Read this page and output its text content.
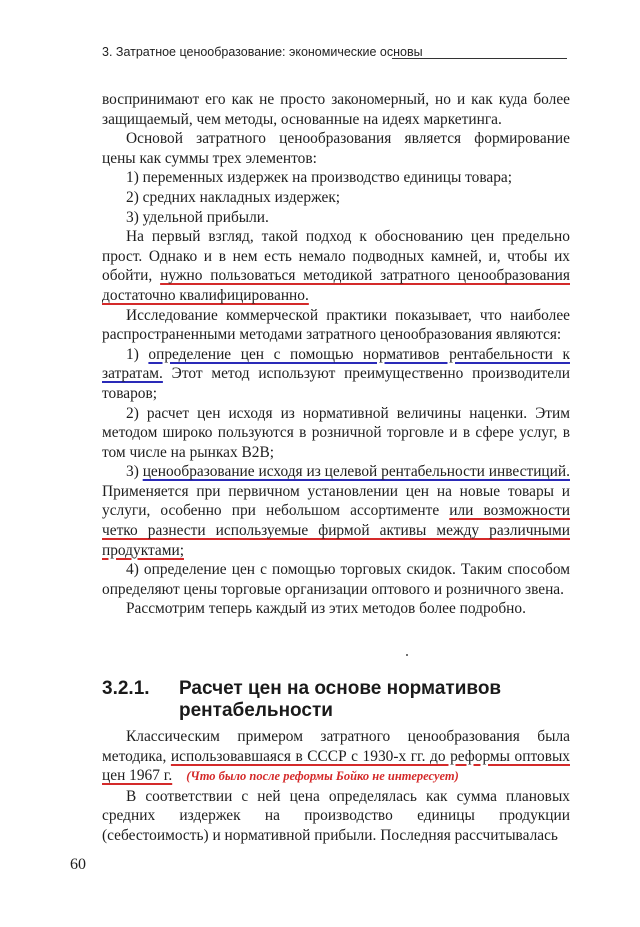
3. Затратное ценообразование: экономические основы

воспринимают его как не просто закономерный, но и как куда более защищаемый, чем методы, основанные на идеях маркетинга.

Основой затратного ценообразования является формирование цены как суммы трех элементов:

1) переменных издержек на производство единицы товара;

2) средних накладных издержек;

3) удельной прибыли.

На первый взгляд, такой подход к обоснованию цен предельно прост. Однако и в нем есть немало подводных камней, и, чтобы их обойти, нужно пользоваться методикой затратного ценообразования достаточно квалифицированно.

Исследование коммерческой практики показывает, что наиболее распространенными методами затратного ценообразования являются:

1) определение цен с помощью нормативов рентабельности к затратам. Этот метод используют преимущественно производители товаров;

2) расчет цен исходя из нормативной величины наценки. Этим методом широко пользуются в розничной торговле и в сфере услуг, в том числе на рынках B2B;

3) ценообразование исходя из целевой рентабельности инвестиций. Применяется при первичном установлении цен на новые товары и услуги, особенно при небольшом ассортименте или возможности четко разнести используемые фирмой активы между различными продуктами;

4) определение цен с помощью торговых скидок. Таким способом определяют цены торговые организации оптового и розничного звена.

Рассмотрим теперь каждый из этих методов более подробно.

3.2.1.	Расчет цен на основе нормативов рентабельности

Классическим примером затратного ценообразования была методика, использовавшаяся в СССР с 1930-х гг. до реформы оптовых цен 1967 г. (Что было после реформы Бойко не интересует)

В соответствии с ней цена определялась как сумма плановых средних издержек на производство единицы продукции (себестоимость) и нормативной прибыли. Последняя рассчитывалась

60
